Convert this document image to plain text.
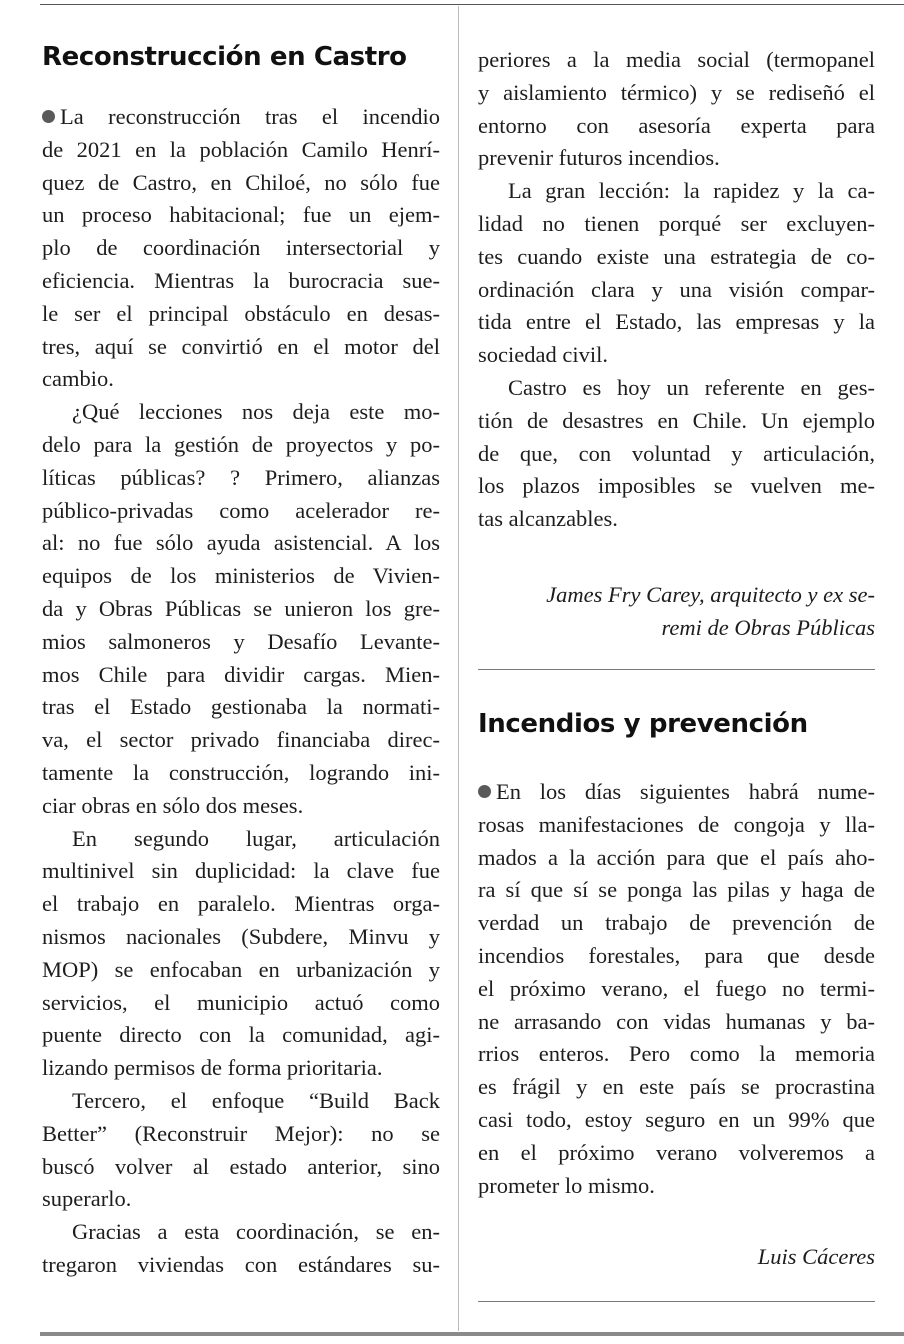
Reconstrucción en Castro
La reconstrucción tras el incendio
de 2021 en la población Camilo Henrí-
quez de Castro, en Chiloé, no sólo fue
un proceso habitacional; fue un ejem-
plo de coordinación intersectorial y
eficiencia. Mientras la burocracia sue-
le ser el principal obstáculo en desas-
tres, aquí se convirtió en el motor del
cambio.
¿Qué lecciones nos deja este mo-
delo para la gestión de proyectos y po-
líticas públicas? ? Primero, alianzas
público-privadas como acelerador re-
al: no fue sólo ayuda asistencial. A los
equipos de los ministerios de Vivien-
da y Obras Públicas se unieron los gre-
mios salmoneros y Desafío Levante-
mos Chile para dividir cargas. Mien-
tras el Estado gestionaba la normati-
va, el sector privado financiaba direc-
tamente la construcción, logrando ini-
ciar obras en sólo dos meses.
En segundo lugar, articulación
multinivel sin duplicidad: la clave fue
el trabajo en paralelo. Mientras orga-
nismos nacionales (Subdere, Minvu y
MOP) se enfocaban en urbanización y
servicios, el municipio actuó como
puente directo con la comunidad, agi-
lizando permisos de forma prioritaria.
Tercero, el enfoque “Build Back
Better” (Reconstruir Mejor): no se
buscó volver al estado anterior, sino
superarlo.
Gracias a esta coordinación, se en-
tregaron viviendas con estándares su-
periores a la media social (termopanel
y aislamiento térmico) y se rediseñó el
entorno con asesoría experta para
prevenir futuros incendios.
La gran lección: la rapidez y la ca-
lidad no tienen porqué ser excluyen-
tes cuando existe una estrategia de co-
ordinación clara y una visión compar-
tida entre el Estado, las empresas y la
sociedad civil.
Castro es hoy un referente en ges-
tión de desastres en Chile. Un ejemplo
de que, con voluntad y articulación,
los plazos imposibles se vuelven me-
tas alcanzables.
James Fry Carey, arquitecto y ex se-
remi de Obras Públicas
Incendios y prevención
En los días siguientes habrá nume-
rosas manifestaciones de congoja y lla-
mados a la acción para que el país aho-
ra sí que sí se ponga las pilas y haga de
verdad un trabajo de prevención de
incendios forestales, para que desde
el próximo verano, el fuego no termi-
ne arrasando con vidas humanas y ba-
rrios enteros. Pero como la memoria
es frágil y en este país se procrastina
casi todo, estoy seguro en un 99% que
en el próximo verano volveremos a
prometer lo mismo.
Luis Cáceres
